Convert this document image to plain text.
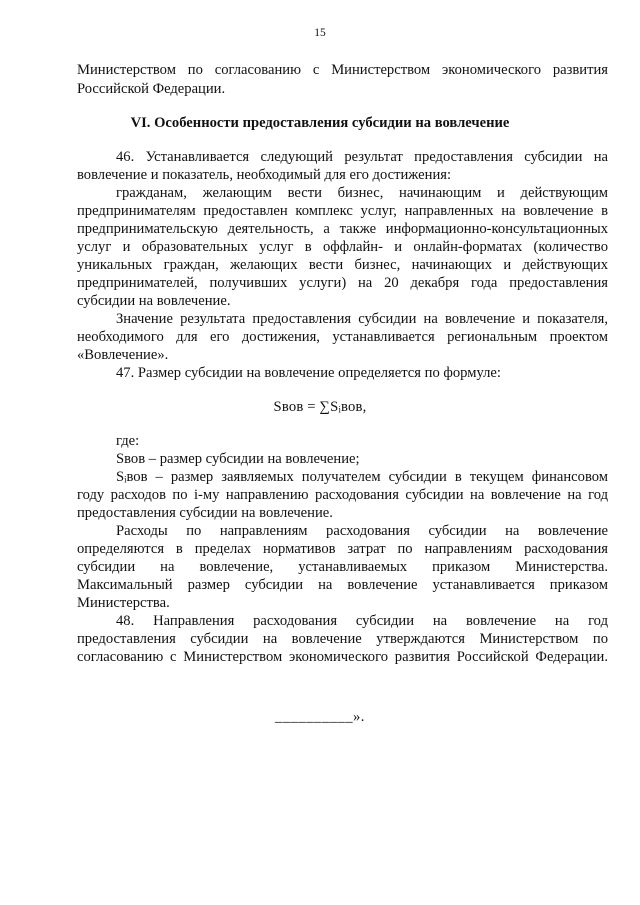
15
Министерством по согласованию с Министерством экономического развития
Российской Федерации.
VI. Особенности предоставления субсидии на вовлечение
46. Устанавливается следующий результат предоставления субсидии на
вовлечение и показатель, необходимый для его достижения:
гражданам, желающим вести бизнес, начинающим и действующим
предпринимателям предоставлен комплекс услуг, направленных на вовлечение в
предпринимательскую деятельность, а также информационно-консультационных
услуг и образовательных услуг в оффлайн- и онлайн-форматах (количество
уникальных граждан, желающих вести бизнес, начинающих и действующих
предпринимателей, получивших услуги) на 20 декабря года предоставления
субсидии на вовлечение.
Значение результата предоставления субсидии на вовлечение и показателя,
необходимого для его достижения, устанавливается региональным проектом
«Вовлечение».
47. Размер субсидии на вовлечение определяется по формуле:
Sвов = ∑Sᵢвов,
где:
Sвов – размер субсидии на вовлечение;
Sᵢвов – размер заявляемых получателем субсидии в текущем финансовом
году расходов по i-му направлению расходования субсидии на вовлечение на год
предоставления субсидии на вовлечение.
Расходы по направлениям расходования субсидии на вовлечение
определяются в пределах нормативов затрат по направлениям расходования
субсидии на вовлечение, устанавливаемых приказом Министерства.
Максимальный размер субсидии на вовлечение устанавливается приказом
Министерства.
48. Направления расходования субсидии на вовлечение на год
предоставления субсидии на вовлечение утверждаются Министерством по
согласованию с Министерством экономического развития Российской Федерации.
__________».
